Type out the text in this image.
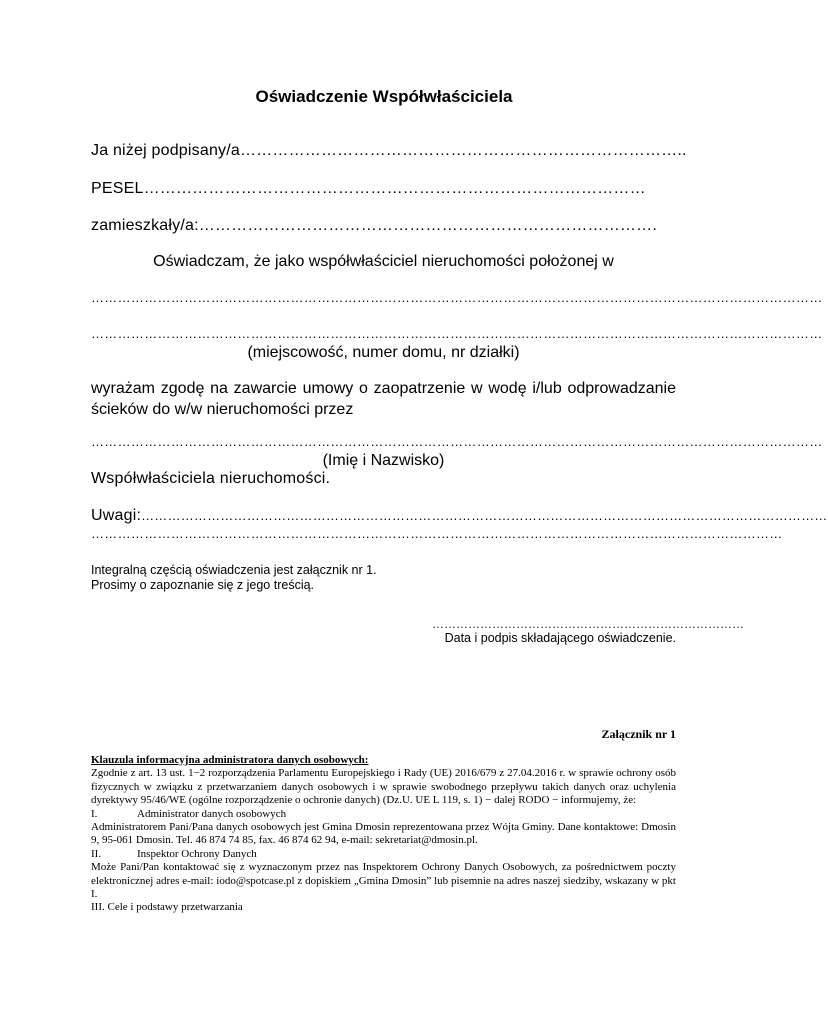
Oświadczenie Współwłaściciela
Ja niżej podpisany/a………………………………………………………………………..
PESEL…………………………………………………………………………………
zamieszkały/a:………………………………………………………………………….
Oświadczam, że jako współwłaściciel nieruchomości położonej w
…………………………………………………………………………………………………………………………………………………
…………………………………………………………………………………………………………………………………………………
(miejscowość, numer domu, nr działki)
wyrażam zgodę na zawarcie umowy o zaopatrzenie w wodę i/lub odprowadzanie ścieków do w/w nieruchomości przez
…………………………………………………………………………………………………………………………………………………
(Imię i Nazwisko)
Współwłaściciela nieruchomości.
Uwagi:…………………………………………………………………………………………………………………………………………
…………………………………………………………………………………………………………………………………………
Integralną częścią oświadczenia jest załącznik nr 1.
Prosimy o zapoznanie się z jego treścią.
……………………………………………………………………
Data i podpis składającego oświadczenie.
Załącznik nr 1

Klauzula informacyjna administratora danych osobowych:

Zgodnie z art. 13 ust. 1−2 rozporządzenia Parlamentu Europejskiego i Rady (UE) 2016/679 z 27.04.2016 r. w sprawie ochrony osób fizycznych w związku z przetwarzaniem danych osobowych i w sprawie swobodnego przepływu takich danych oraz uchylenia dyrektywy 95/46/WE (ogólne rozporządzenie o ochronie danych) (Dz.U. UE L 119, s. 1) − dalej RODO − informujemy, że:

I.	Administrator danych osobowych

Administratorem Pani/Pana danych osobowych jest Gmina Dmosin reprezentowana przez Wójta Gminy. Dane kontaktowe: Dmosin 9, 95-061 Dmosin. Tel. 46 874 74 85, fax. 46 874 62 94, e-mail: sekretariat@dmosin.pl.

II.	Inspektor Ochrony Danych

Może Pani/Pan kontaktować się z wyznaczonym przez nas Inspektorem Ochrony Danych Osobowych, za pośrednictwem poczty elektronicznej adres e-mail: iodo@spotcase.pl z dopiskiem „Gmina Dmosin” lub pisemnie na adres naszej siedziby, wskazany w pkt I.

III. Cele i podstawy przetwarzania
